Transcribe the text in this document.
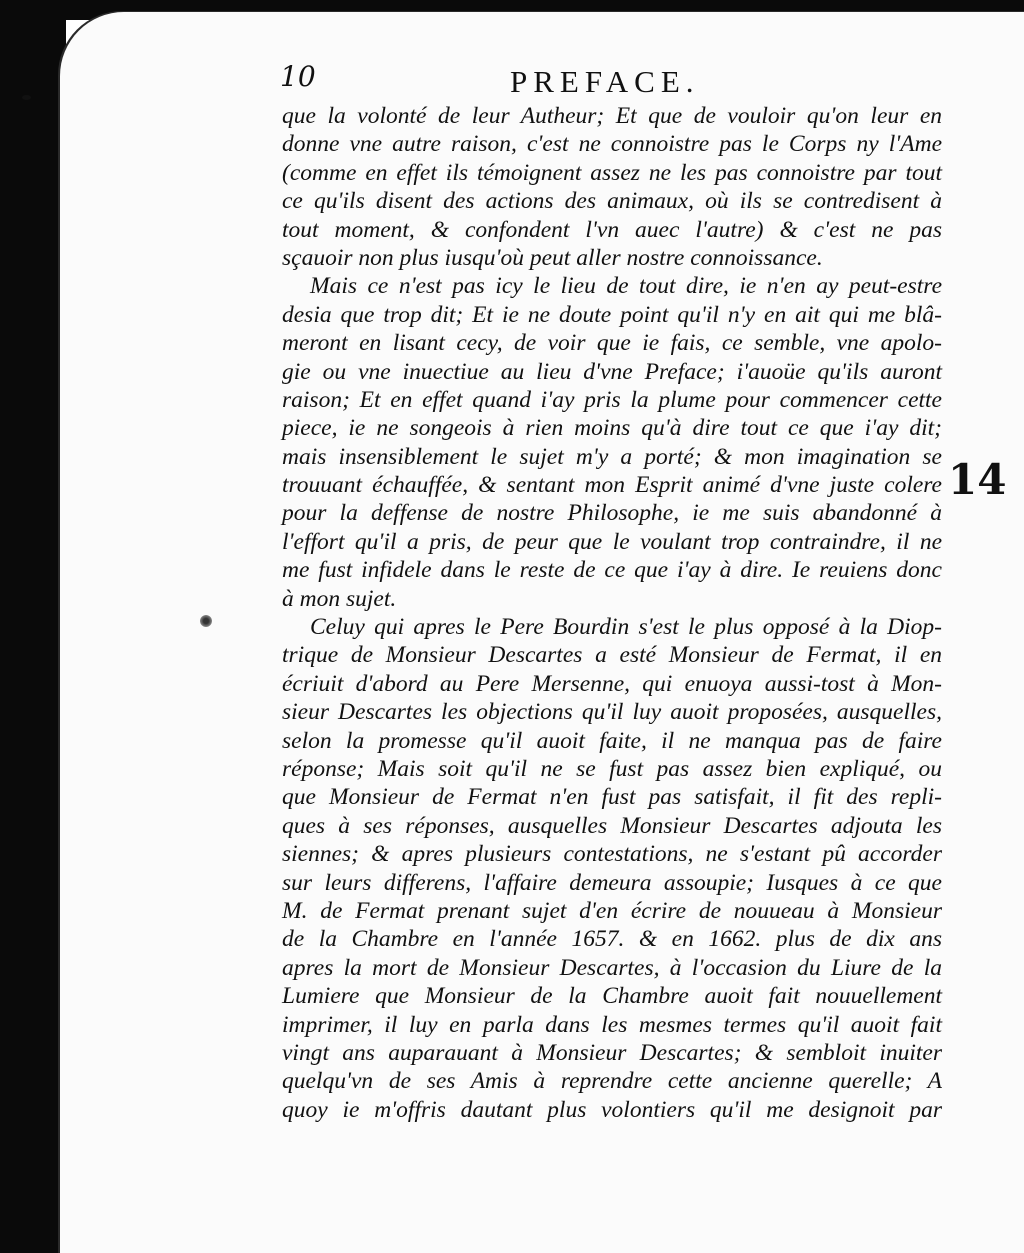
10	PREFACE.
que la volonté de leur Autheur; Et que de vouloir qu'on leur en
donne vne autre raison, c'est ne connoistre pas le Corps ny l'Ame
(comme en effet ils témoignent assez ne les pas connoistre par tout
ce qu'ils disent des actions des animaux, où ils se contredisent à
tout moment, & confondent l'vn auec l'autre) & c'est ne pas
sçauoir non plus iusqu'où peut aller nostre connoissance.
Mais ce n'est pas icy le lieu de tout dire, ie n'en ay peut-estre
desia que trop dit; Et ie ne doute point qu'il n'y en ait qui me blâ-
meront en lisant cecy, de voir que ie fais, ce semble, vne apolo-
gie ou vne inuectiue au lieu d'vne Preface; i'auoüe qu'ils auront
raison; Et en effet quand i'ay pris la plume pour commencer cette
piece, ie ne songeois à rien moins qu'à dire tout ce que i'ay dit;
mais insensiblement le sujet m'y a porté; & mon imagination se
trouuant échauffée, & sentant mon Esprit animé d'vne juste colere
pour la deffense de nostre Philosophe, ie me suis abandonné à
l'effort qu'il a pris, de peur que le voulant trop contraindre, il ne
me fust infidele dans le reste de ce que i'ay à dire. Ie reuiens donc
à mon sujet.
Celuy qui apres le Pere Bourdin s'est le plus opposé à la Diop-
trique de Monsieur Descartes a esté Monsieur de Fermat, il en
écriuit d'abord au Pere Mersenne, qui enuoya aussi-tost à Mon-
sieur Descartes les objections qu'il luy auoit proposées, ausquelles,
selon la promesse qu'il auoit faite, il ne manqua pas de faire
réponse; Mais soit qu'il ne se fust pas assez bien expliqué, ou
que Monsieur de Fermat n'en fust pas satisfait, il fit des repli-
ques à ses réponses, ausquelles Monsieur Descartes adjouta les
siennes; & apres plusieurs contestations, ne s'estant pû accorder
sur leurs differens, l'affaire demeura assoupie; Iusques à ce que
M. de Fermat prenant sujet d'en écrire de nouueau à Monsieur
de la Chambre en l'année 1657. & en 1662. plus de dix ans
apres la mort de Monsieur Descartes, à l'occasion du Liure de la
Lumiere que Monsieur de la Chambre auoit fait nouuellement
imprimer, il luy en parla dans les mesmes termes qu'il auoit fait
vingt ans auparauant à Monsieur Descartes; & sembloit inuiter
quelqu'vn de ses Amis à reprendre cette ancienne querelle; A
quoy ie m'offris dautant plus volontiers qu'il me designoit par
14
